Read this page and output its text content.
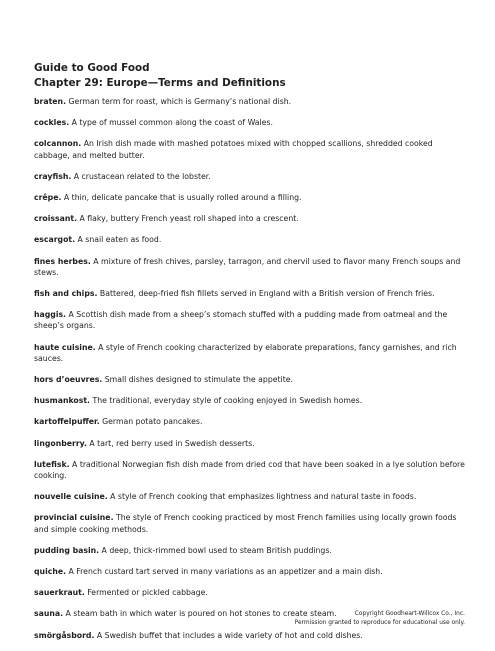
Guide to Good Food
Chapter 29: Europe—Terms and Definitions
braten. German term for roast, which is Germany’s national dish.
cockles. A type of mussel common along the coast of Wales.
colcannon. An Irish dish made with mashed potatoes mixed with chopped scallions, shredded cooked cabbage, and melted butter.
crayfish. A crustacean related to the lobster.
crêpe. A thin, delicate pancake that is usually rolled around a filling.
croissant. A flaky, buttery French yeast roll shaped into a crescent.
escargot. A snail eaten as food.
fines herbes. A mixture of fresh chives, parsley, tarragon, and chervil used to flavor many French soups and stews.
fish and chips. Battered, deep-fried fish fillets served in England with a British version of French fries.
haggis. A Scottish dish made from a sheep’s stomach stuffed with a pudding made from oatmeal and the sheep’s organs.
haute cuisine. A style of French cooking characterized by elaborate preparations, fancy garnishes, and rich sauces.
hors d’oeuvres. Small dishes designed to stimulate the appetite.
husmankost. The traditional, everyday style of cooking enjoyed in Swedish homes.
kartoffelpuffer. German potato pancakes.
lingonberry. A tart, red berry used in Swedish desserts.
lutefisk. A traditional Norwegian fish dish made from dried cod that have been soaked in a lye solution before cooking.
nouvelle cuisine. A style of French cooking that emphasizes lightness and natural taste in foods.
provincial cuisine. The style of French cooking practiced by most French families using locally grown foods and simple cooking methods.
pudding basin. A deep, thick-rimmed bowl used to steam British puddings.
quiche. A French custard tart served in many variations as an appetizer and a main dish.
sauerkraut. Fermented or pickled cabbage.
sauna. A steam bath in which water is poured on hot stones to create steam.
smörgåsbord. A Swedish buffet that includes a wide variety of hot and cold dishes.
Copyright Goodheart-Willcox Co., Inc.
Permission granted to reproduce for educational use only.
